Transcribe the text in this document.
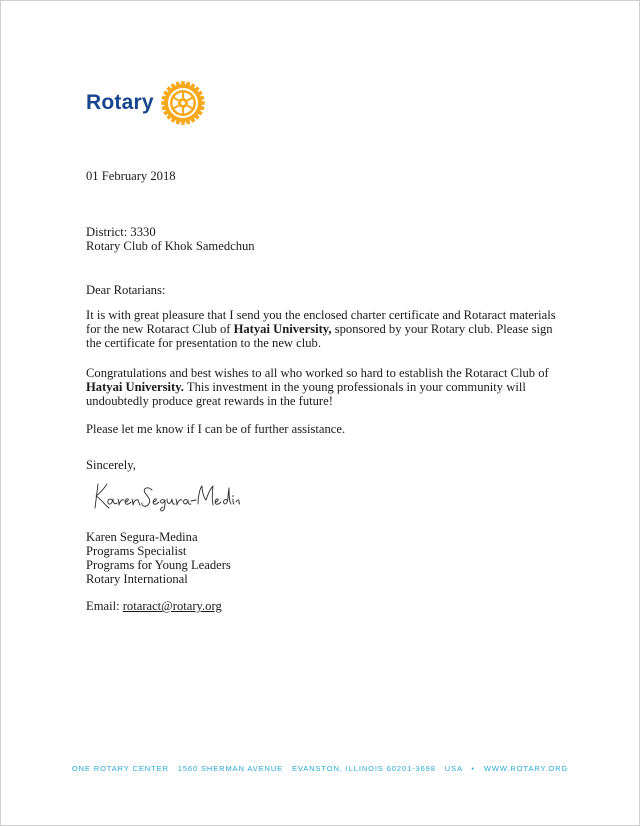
Rotary
01 February 2018

District: 3330

Rotary Club of Khok Samedchun

Dear Rotarians:
It is with great pleasure that I send you the enclosed charter certificate and Rotaract materials for the new Rotaract Club of Hatyai University, sponsored by your Rotary club. Please sign the certificate for presentation to the new club.
Congratulations and best wishes to all who worked so hard to establish the Rotaract Club of Hatyai University. This investment in the young professionals in your community will undoubtedly produce great rewards in the future!
Please let me know if I can be of further assistance.
Sincerely,

Karen Segura-Medina

Programs Specialist

Programs for Young Leaders

Rotary International

Email: rotaract@rotary.org
ONE ROTARY CENTER   1560 SHERMAN AVENUE   EVANSTON, ILLINOIS 60201-3698   USA   •   WWW.ROTARY.ORG
